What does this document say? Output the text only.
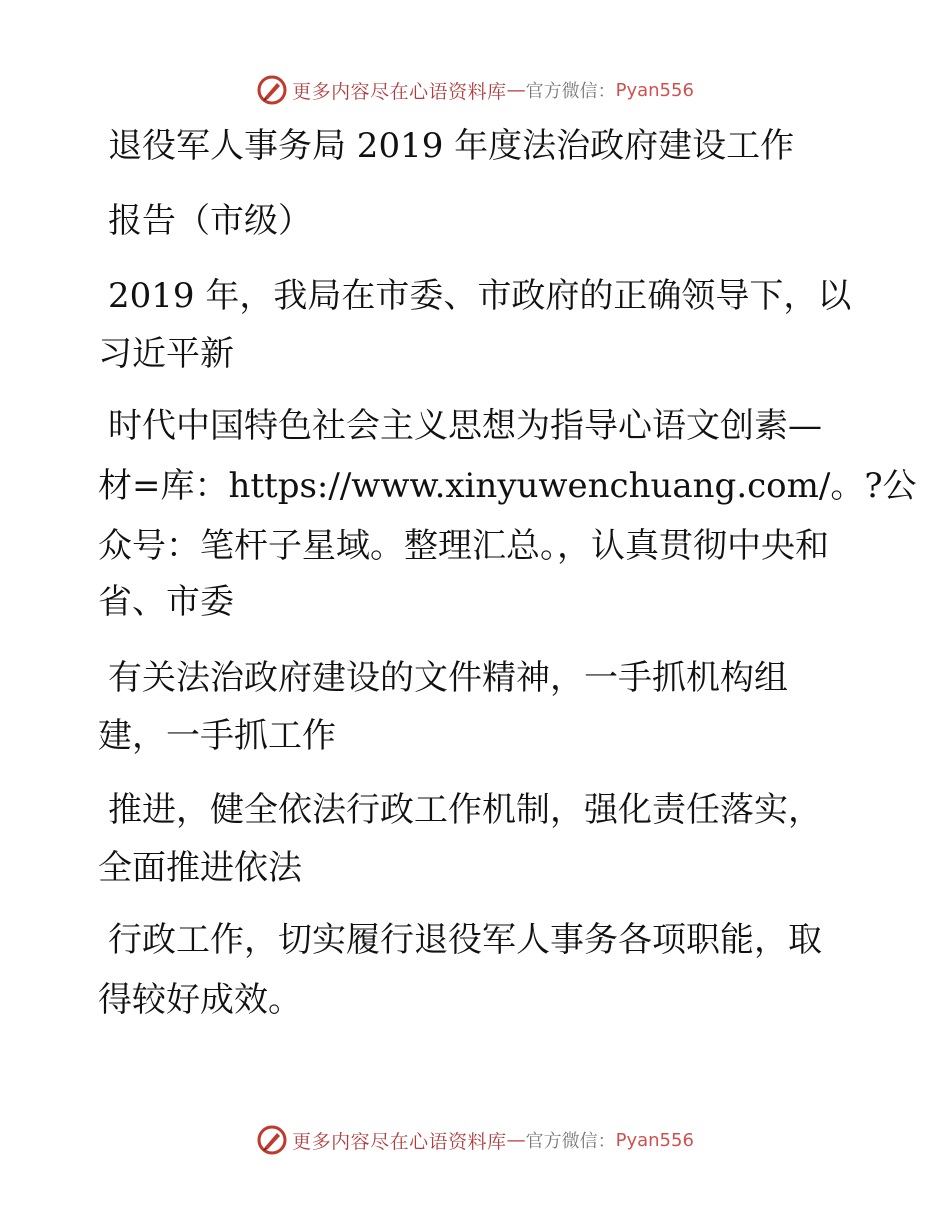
更多内容尽在心语资料库 — 官方微信： Pyan556
退役军人事务局 2019 年度法治政府建设工作
报告（市级）
2019 年，我局在市委、市政府的正确领导下，以
习近平新
时代中国特色社会主义思想为指导心语文创素—
材=库：https://www.xinyuwenchuang.com/。?公
众号：笔杆子星域。整理汇总。，认真贯彻中央和
省、市委
有关法治政府建设的文件精神，一手抓机构组
建，一手抓工作
推进，健全依法行政工作机制，强化责任落实，
全面推进依法
行政工作，切实履行退役军人事务各项职能，取
得较好成效。
更多内容尽在心语资料库 — 官方微信： Pyan556
